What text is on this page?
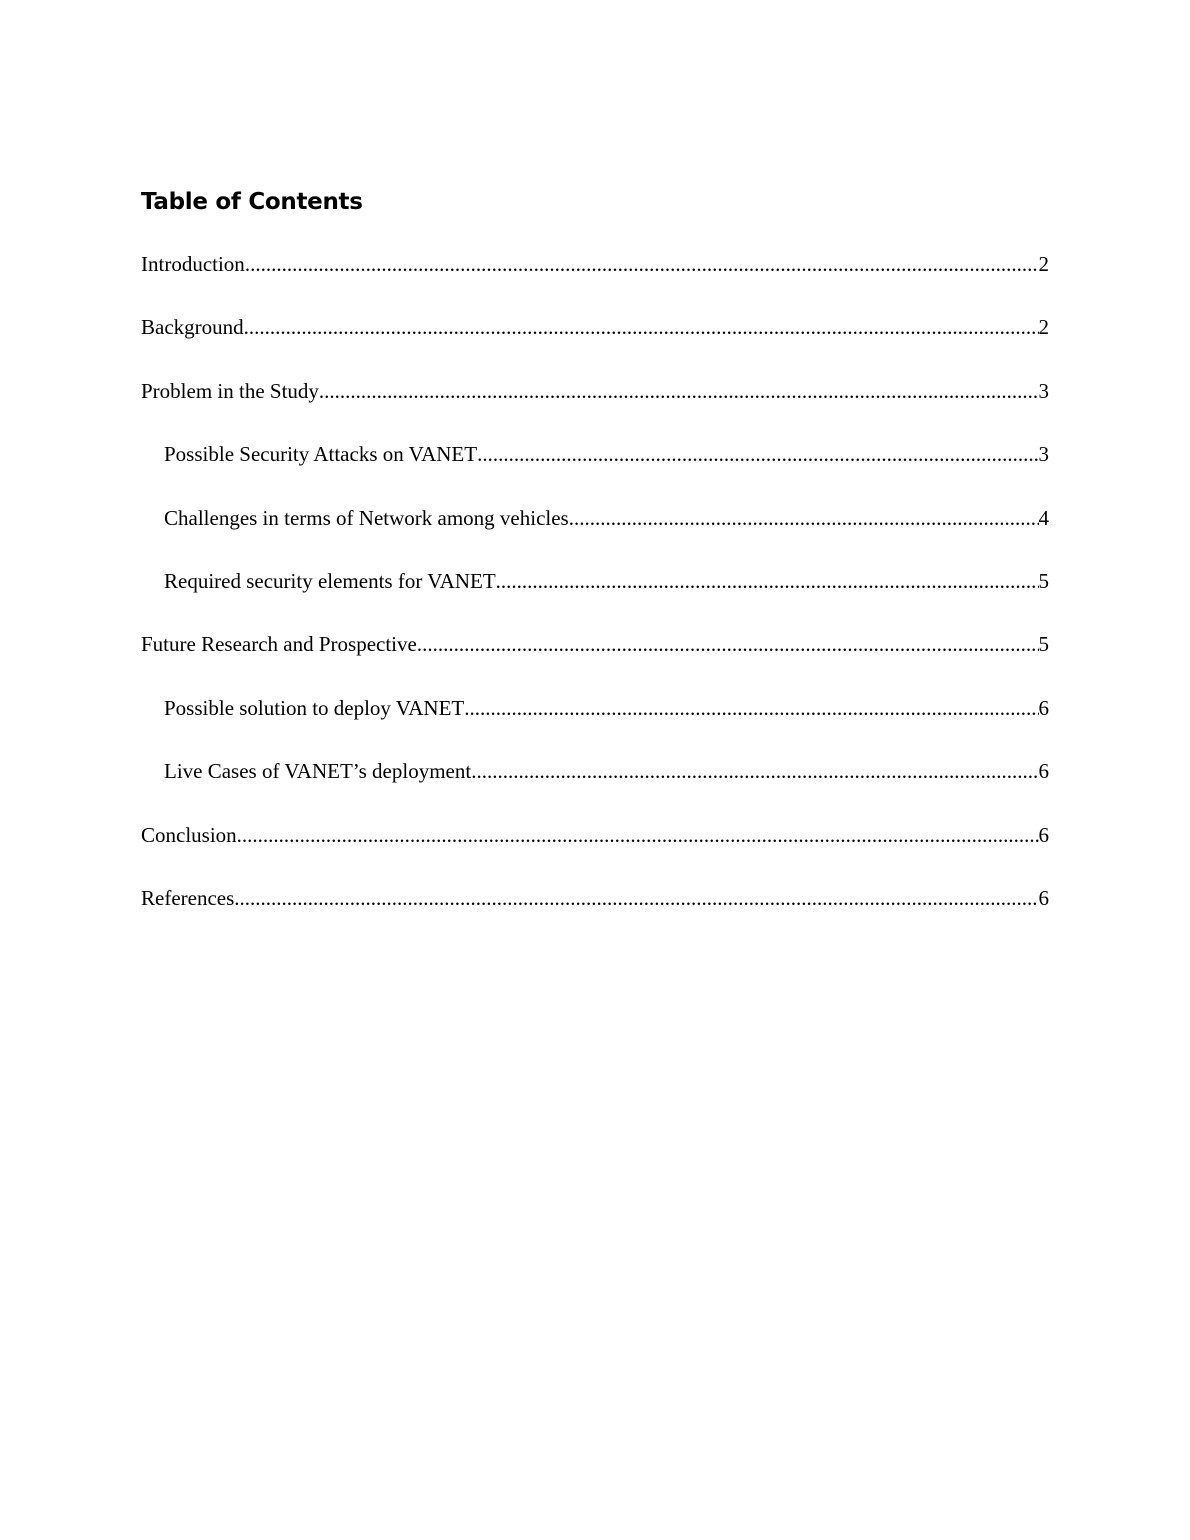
Table of Contents
Introduction .....	2
Background .....	2
Problem in the Study .....	3
Possible Security Attacks on VANET .....	3
Challenges in terms of Network among vehicles .....	4
Required security elements for VANET .....	5
Future Research and Prospective .....	5
Possible solution to deploy VANET .....	6
Live Cases of VANET’s deployment .....	6
Conclusion .....	6
References .....	6
